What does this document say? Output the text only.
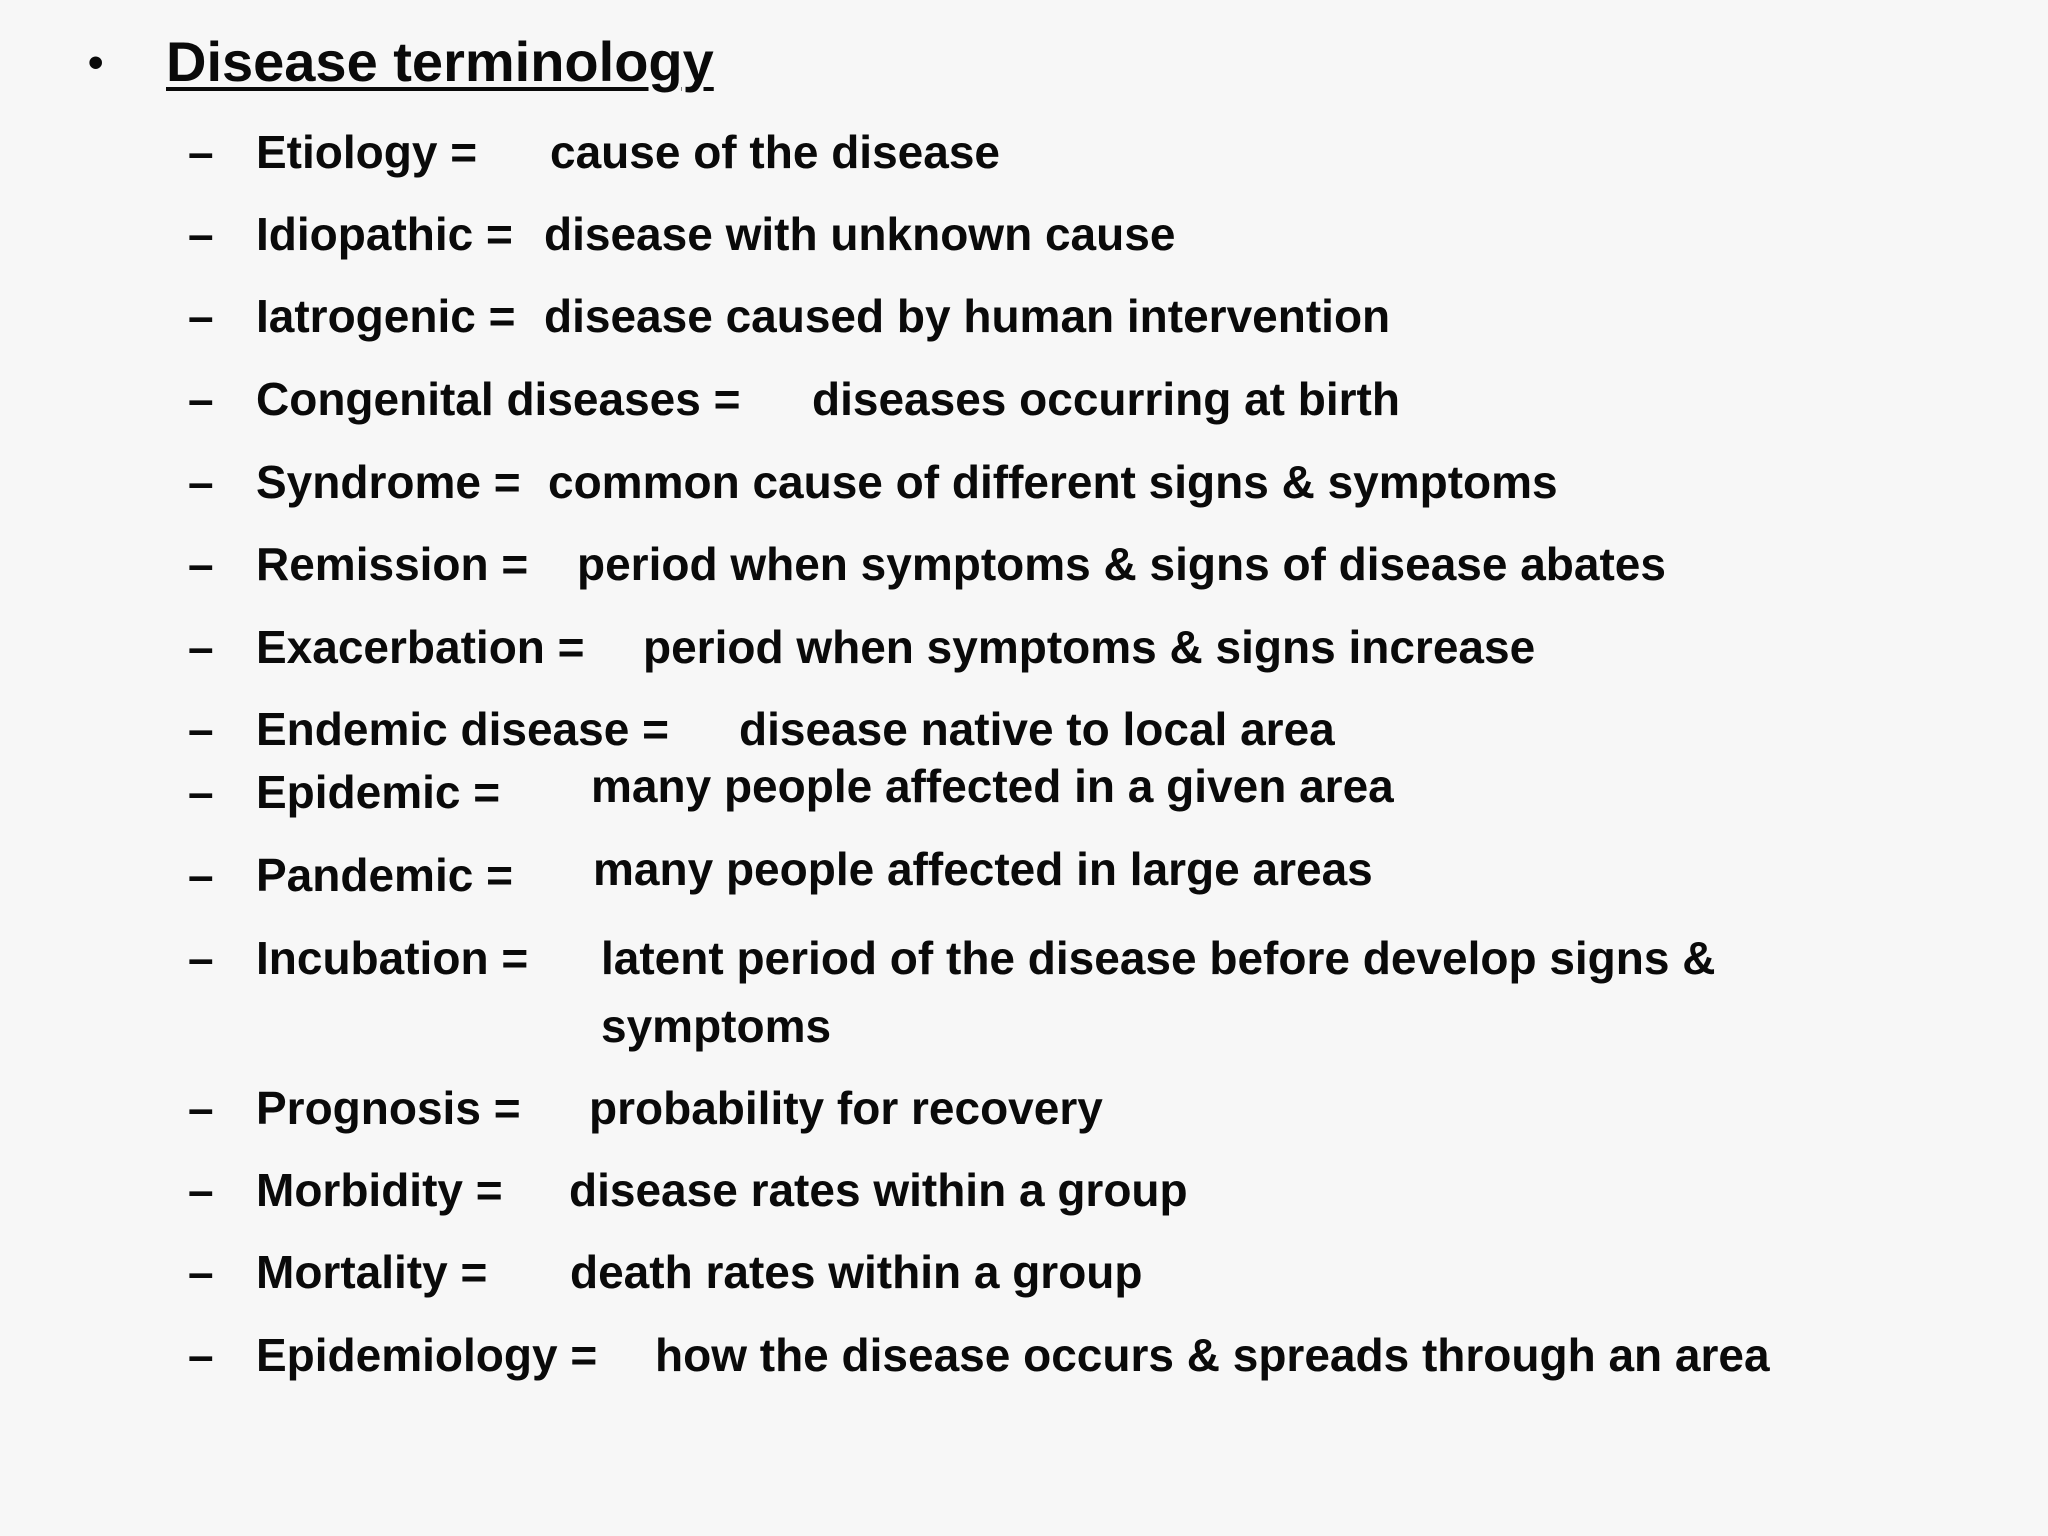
• Disease terminology
– Etiology = cause of the disease
– Idiopathic = disease with unknown cause
– Iatrogenic = disease caused by human intervention
– Congenital diseases = diseases occurring at birth
– Syndrome = common cause of different signs & symptoms
– Remission = period when symptoms & signs of disease abates
– Exacerbation = period when symptoms & signs increase
– Endemic disease = disease native to local area
– Epidemic = many people affected in a given area
– Pandemic = many people affected in large areas
– Incubation = latent period of the disease before develop signs &
symptoms
– Prognosis = probability for recovery
– Morbidity = disease rates within a group
– Mortality = death rates within a group
– Epidemiology = how the disease occurs & spreads through an area
